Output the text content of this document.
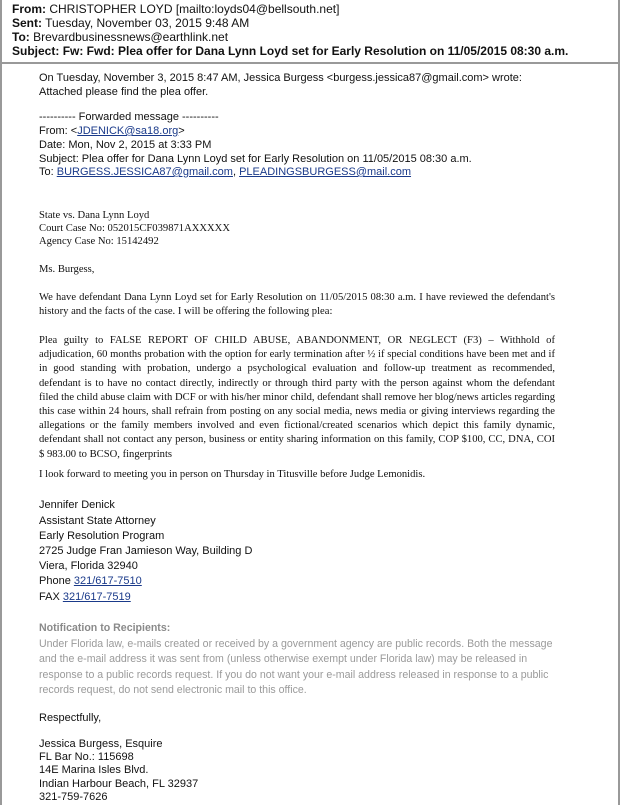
From: CHRISTOPHER LOYD [mailto:loyds04@bellsouth.net]
Sent: Tuesday, November 03, 2015 9:48 AM
To: Brevardbusinessnews@earthlink.net
Subject: Fw: Fwd: Plea offer for Dana Lynn Loyd set for Early Resolution on 11/05/2015 08:30 a.m.
On Tuesday, November 3, 2015 8:47 AM, Jessica Burgess <burgess.jessica87@gmail.com> wrote:
Attached please find the plea offer.
---------- Forwarded message ----------
From: <JDENICK@sa18.org>
Date: Mon, Nov 2, 2015 at 3:33 PM
Subject: Plea offer for Dana Lynn Loyd set for Early Resolution on 11/05/2015 08:30 a.m.
To: BURGESS.JESSICA87@gmail.com, PLEADINGSBURGESS@mail.com
State vs. Dana Lynn Loyd
Court Case No: 052015CF039871AXXXXX
Agency Case No: 15142492
Ms. Burgess,
We have defendant Dana Lynn Loyd set for Early Resolution on 11/05/2015 08:30 a.m. I have reviewed the defendant's history and the facts of the case. I will be offering the following plea:
Plea guilty to FALSE REPORT OF CHILD ABUSE, ABANDONMENT, OR NEGLECT (F3) – Withhold of adjudication, 60 months probation with the option for early termination after ½ if special conditions have been met and if in good standing with probation, undergo a psychological evaluation and follow-up treatment as recommended, defendant is to have no contact directly, indirectly or through third party with the person against whom the defendant filed the child abuse claim with DCF or with his/her minor child, defendant shall remove her blog/news articles regarding this case within 24 hours, shall refrain from posting on any social media, news media or giving interviews regarding the allegations or the family members involved and even fictional/created scenarios which depict this family dynamic, defendant shall not contact any person, business or entity sharing information on this family, COP $100, CC, DNA, COI $ 983.00 to BCSO, fingerprints
I look forward to meeting you in person on Thursday in Titusville before Judge Lemonidis.
Jennifer Denick
Assistant State Attorney
Early Resolution Program
2725 Judge Fran Jamieson Way, Building D
Viera, Florida 32940
Phone 321/617-7510
FAX 321/617-7519
Notification to Recipients:
Under Florida law, e-mails created or received by a government agency are public records. Both the message and the e-mail address it was sent from (unless otherwise exempt under Florida law) may be released in response to a public records request. If you do not want your e-mail address released in response to a public records request, do not send electronic mail to this office.
Respectfully,
Jessica Burgess, Esquire
FL Bar No.: 115698
14E Marina Isles Blvd.
Indian Harbour Beach, FL 32937
321-759-7626
